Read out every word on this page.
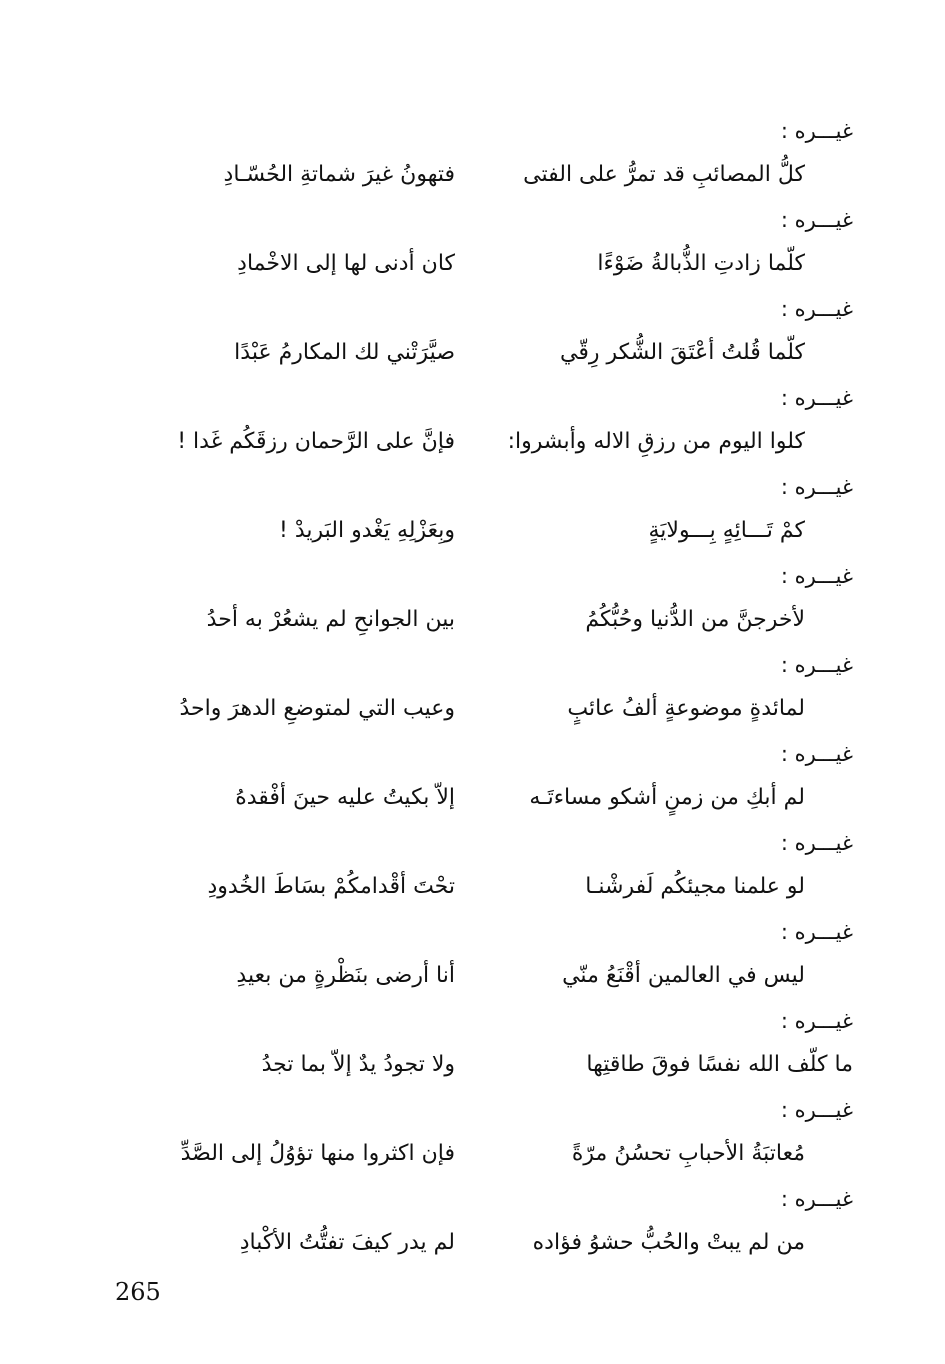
غيـــره :
كلُّ المصائبِ قد تمرُّ على الفتى
فتهونُ غيرَ شماتةِ الحُسّـادِ
غيـــره :
كلّما زادتِ الذُّبالةُ ضَوْءًا
كان أدنى لها إلى الاخْمادِ
غيـــره :
كلّما قُلتُ أعْتَقَ الشُّكر رِقّي
صيَّرَتْني لك المكارمُ عَبْدًا
غيـــره :
كلوا اليوم من رزقِ الاله وأبشروا:
فإنَّ على الرَّحمان رزقَكُم غَدا !
غيـــره :
كمْ تَـــائِهٍ بِـــولايَةٍ
وبِعَزْلِهِ يَغْدو البَريدْ !
غيـــره :
لأخرجنَّ من الدُّنيا وحُبُّكُمُ
بين الجوانحِ لم يشعُرْ به أحدُ
غيـــره :
لمائدةٍ موضوعةٍ ألفُ عائبٍ
وعيب التي لمتوضعِ الدهرَ واحدُ
غيـــره :
لم أبكِ من زمنٍ أشكو مساءتَـه
إلاّ بكيتُ عليه حينَ أفْقدهُ
غيـــره :
لو علمنا مجيئكُم لَفرشْنـا
تحْتَ أقْدامكُمْ بسَاطَ الخُدودِ
غيـــره :
ليس في العالمين أقْنَعُ منّي
أنا أرضى بنَظْرةٍ من بعيدِ
غيـــره :
ما كلّف الله نفسًا فوقَ طاقتِها
ولا تجودُ يدٌ إلاّ بما تجدُ
غيـــره :
مُعاتبَةُ الأحبابِ تحسُنُ مرّةً
فإن اكثروا منها تؤوُلُ إلى الصَّدِّ
غيـــره :
من لم يبتْ والحُبُّ حشوُ فؤاده
لم يدر كيفَ تفتُّتُ الأكْبادِ
265
